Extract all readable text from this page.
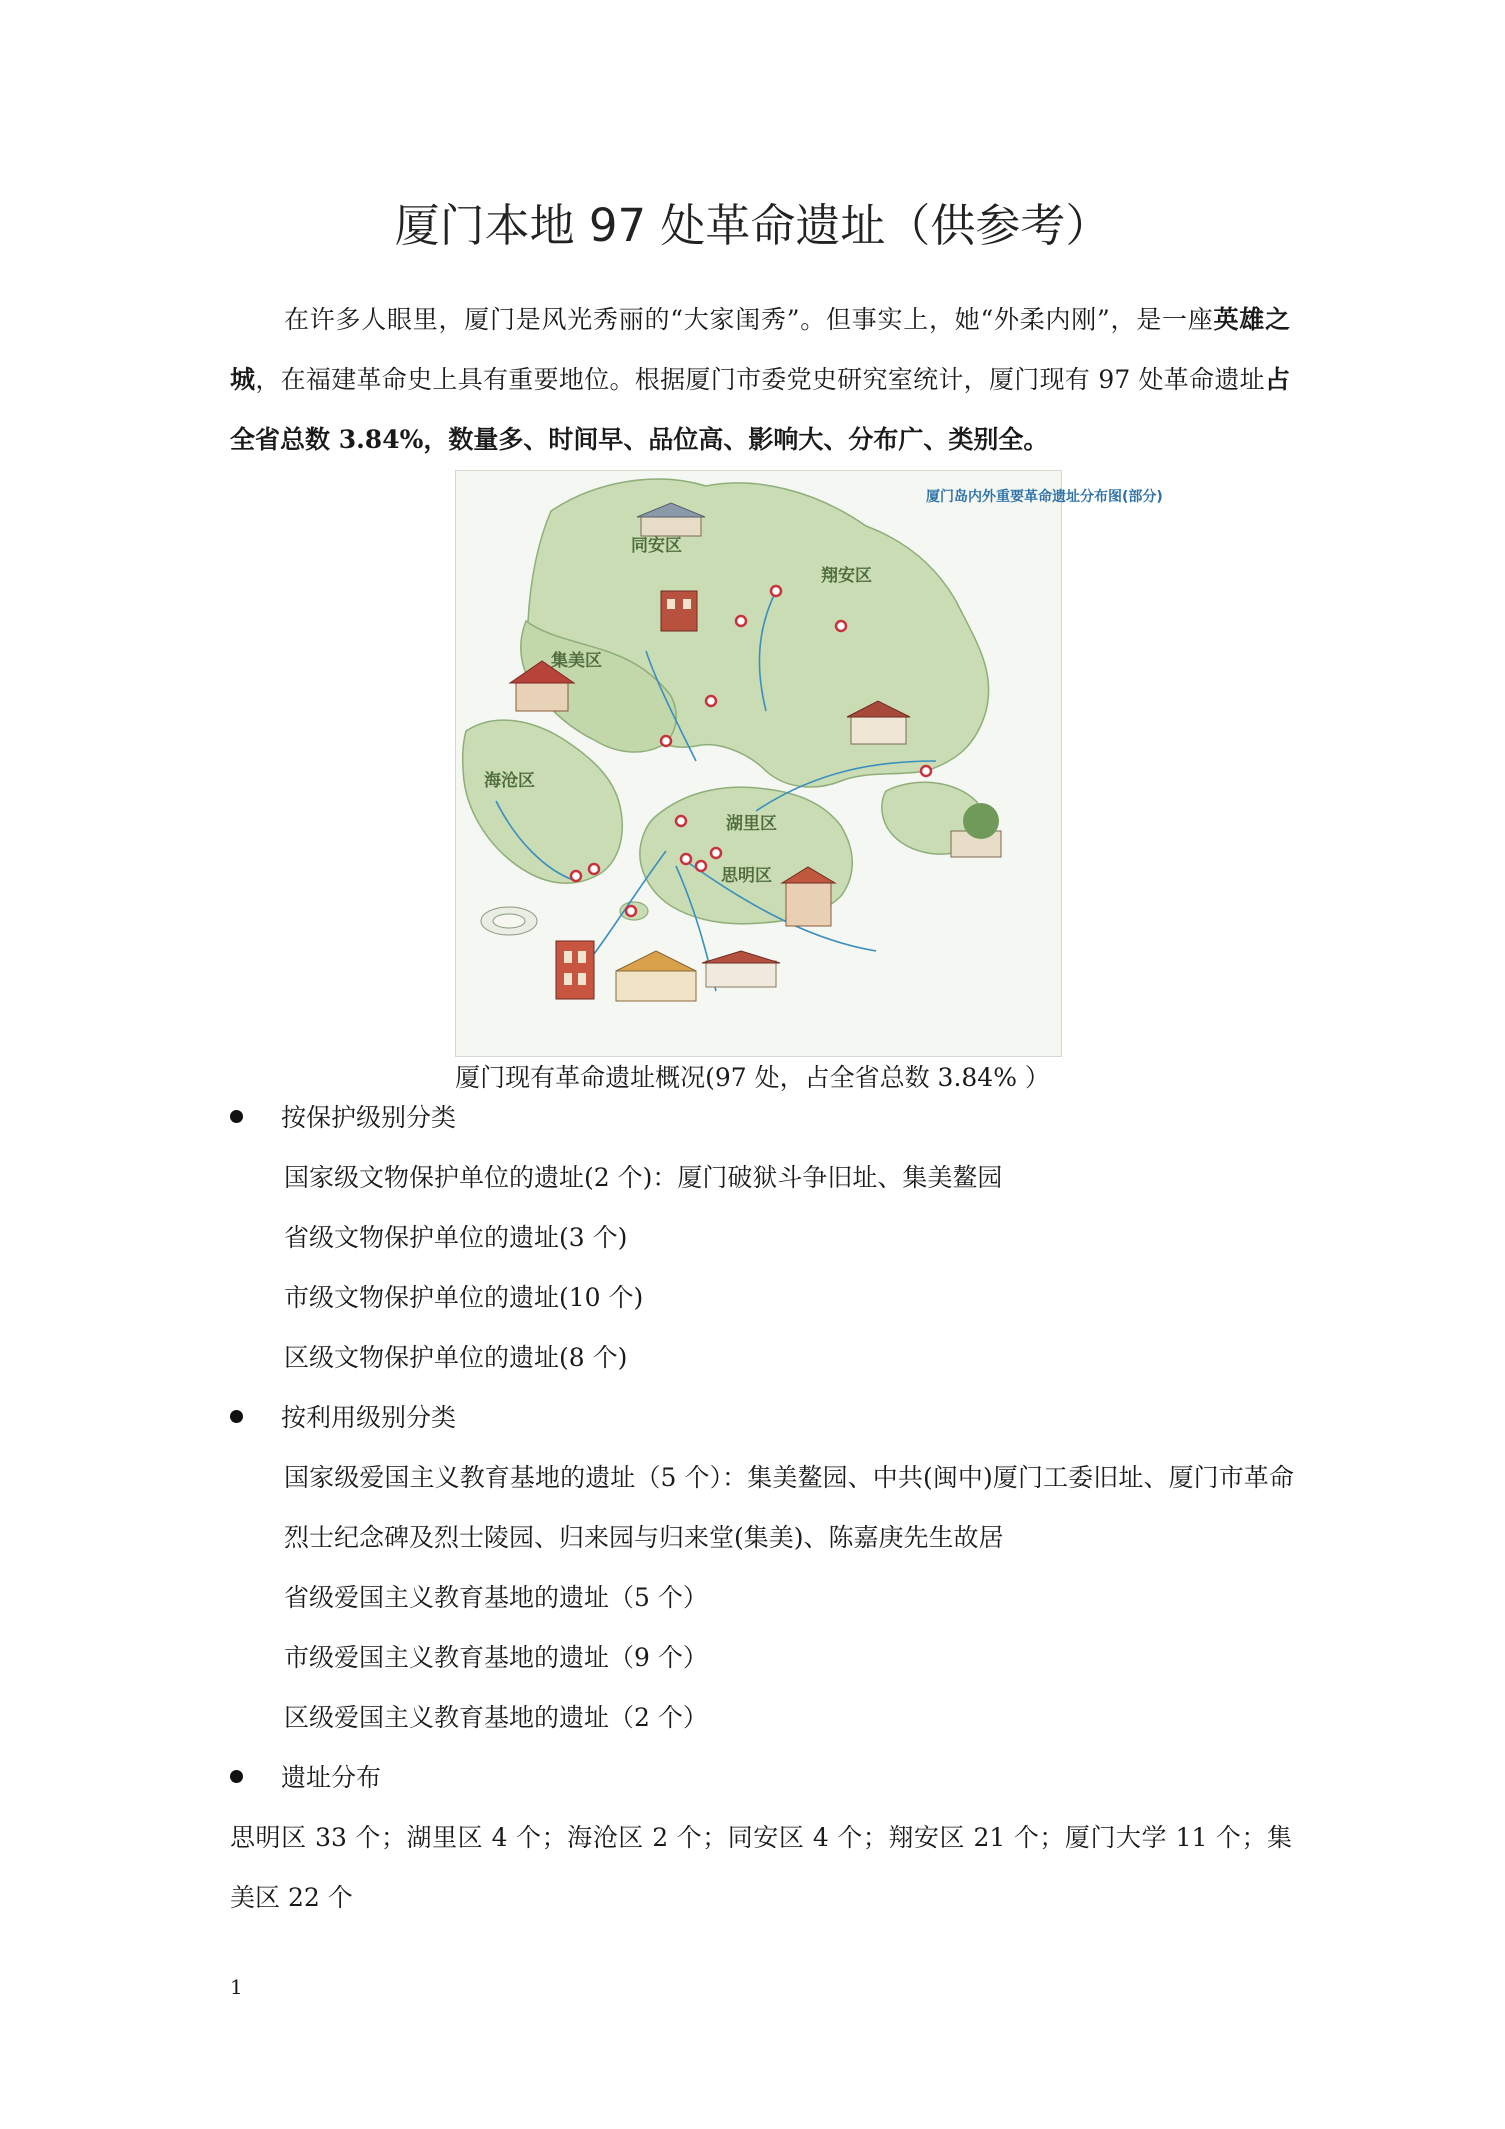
厦门本地 97 处革命遗址（供参考）
在许多人眼里，厦门是风光秀丽的“大家闺秀”。但事实上，她“外柔内刚”，是一座英雄之城，在福建革命史上具有重要地位。根据厦门市委党史研究室统计，厦门现有 97 处革命遗址占全省总数 3.84%，数量多、时间早、品位高、影响大、分布广、类别全。
同安区
翔安区
集美区
海沧区
湖里区
思明区
厦门岛内外重要革命遗址分布图(部分)
厦门现有革命遗址概况(97 处，占全省总数 3.84% ）
按保护级别分类
国家级文物保护单位的遗址(2 个)：厦门破狱斗争旧址、集美鳌园
省级文物保护单位的遗址(3 个)
市级文物保护单位的遗址(10 个)
区级文物保护单位的遗址(8 个)
按利用级别分类
国家级爱国主义教育基地的遗址（5 个）：集美鳌园、中共(闽中)厦门工委旧址、厦门市革命烈士纪念碑及烈士陵园、归来园与归来堂(集美)、陈嘉庚先生故居
省级爱国主义教育基地的遗址（5 个）
市级爱国主义教育基地的遗址（9 个）
区级爱国主义教育基地的遗址（2 个）
遗址分布
思明区 33 个；湖里区 4 个；海沧区 2 个；同安区 4 个；翔安区 21 个；厦门大学 11 个；集美区 22 个
1
